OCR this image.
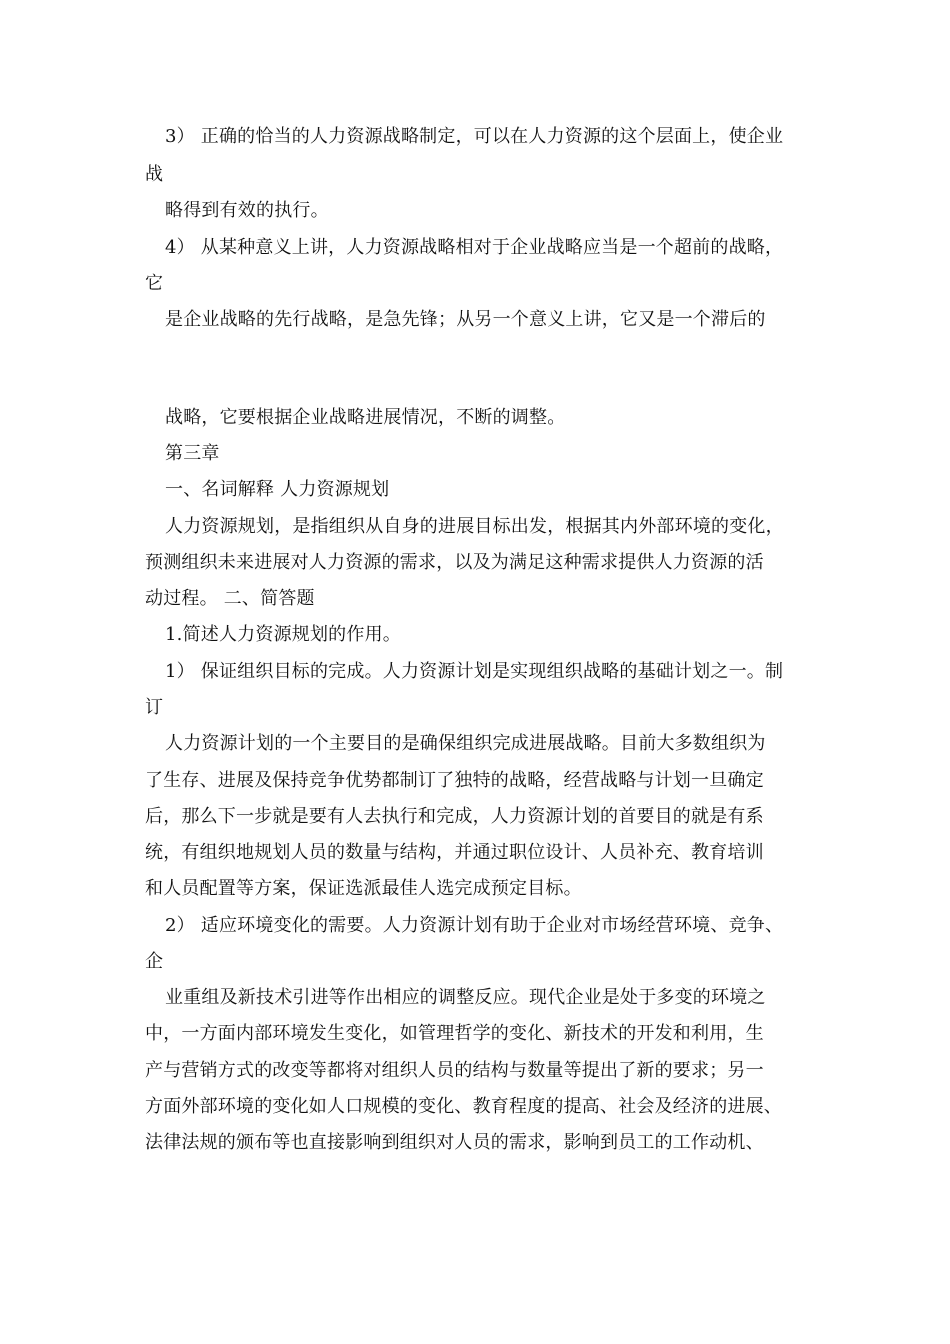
3） 正确的恰当的人力资源战略制定，可以在人力资源的这个层面上，使企业
战
略得到有效的执行。
4） 从某种意义上讲，人力资源战略相对于企业战略应当是一个超前的战略，
它
是企业战略的先行战略，是急先锋；从另一个意义上讲，它又是一个滞后的
战略，它要根据企业战略进展情况，不断的调整。
第三章
一、名词解释 人力资源规划
人力资源规划，是指组织从自身的进展目标出发，根据其内外部环境的变化，
预测组织未来进展对人力资源的需求，以及为满足这种需求提供人力资源的活
动过程。 二、简答题
1.简述人力资源规划的作用。
1） 保证组织目标的完成。人力资源计划是实现组织战略的基础计划之一。制
订
人力资源计划的一个主要目的是确保组织完成进展战略。目前大多数组织为
了生存、进展及保持竞争优势都制订了独特的战略，经营战略与计划一旦确定
后，那么下一步就是要有人去执行和完成，人力资源计划的首要目的就是有系
统，有组织地规划人员的数量与结构，并通过职位设计、人员补充、教育培训
和人员配置等方案，保证选派最佳人选完成预定目标。
2） 适应环境变化的需要。人力资源计划有助于企业对市场经营环境、竞争、
企
业重组及新技术引进等作出相应的调整反应。现代企业是处于多变的环境之
中，一方面内部环境发生变化，如管理哲学的变化、新技术的开发和利用，生
产与营销方式的改变等都将对组织人员的结构与数量等提出了新的要求；另一
方面外部环境的变化如人口规模的变化、教育程度的提高、社会及经济的进展、
法律法规的颁布等也直接影响到组织对人员的需求，影响到员工的工作动机、
